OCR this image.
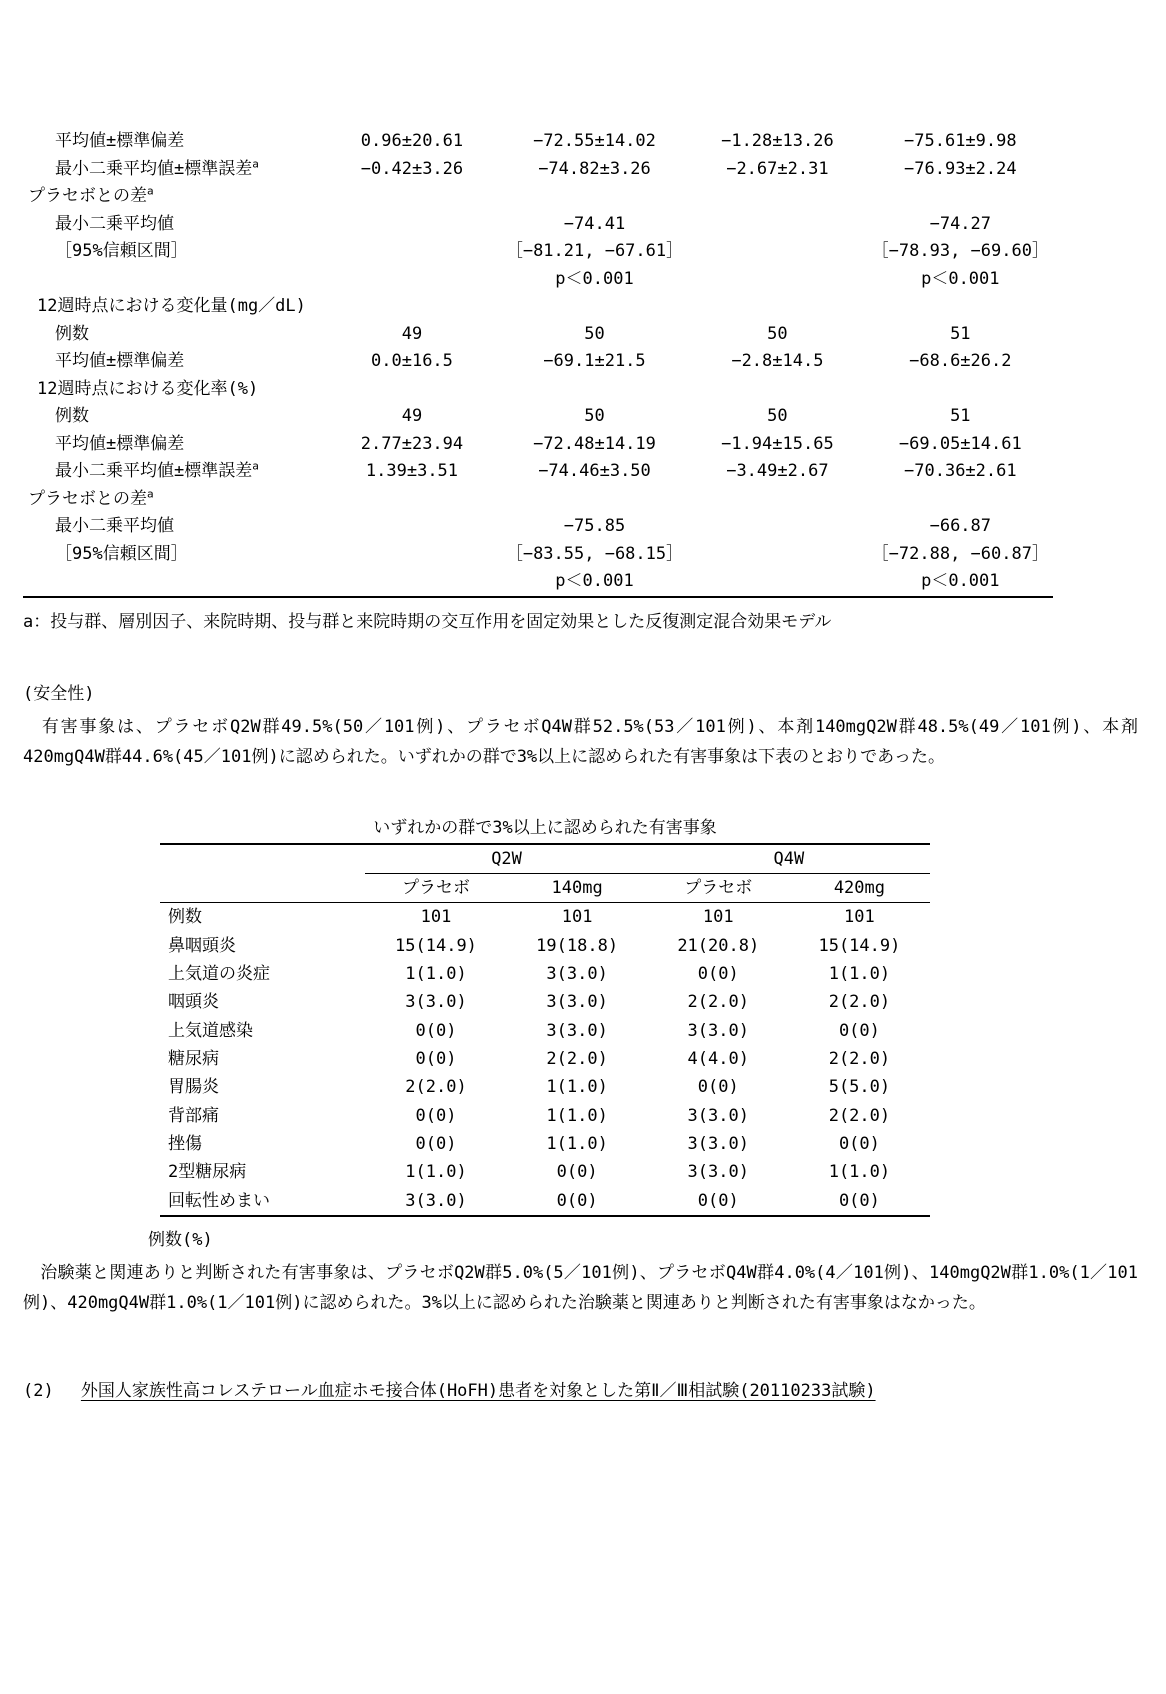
平均値±標準偏差	0.96±20.61	−72.55±14.02	−1.28±13.26	−75.61±9.98
最小二乗平均値±標準誤差$^a$	−0.42±3.26	−74.82±3.26	−2.67±2.31	−76.93±2.24
プラセボとの差$^a$				
最小二乗平均値		−74.41		−74.27
［95%信頼区間］		［−81.21, −67.61］		［−78.93, −69.60］
		p＜0.001		p＜0.001
12週時点における変化量(mg／dL)				
例数	49	50	50	51
平均値±標準偏差	0.0±16.5	−69.1±21.5	−2.8±14.5	−68.6±26.2
12週時点における変化率(%)				
例数	49	50	50	51
平均値±標準偏差	2.77±23.94	−72.48±14.19	−1.94±15.65	−69.05±14.61
最小二乗平均値±標準誤差$^a$	1.39±3.51	−74.46±3.50	−3.49±2.67	−70.36±2.61
プラセボとの差$^a$				
最小二乗平均値		−75.85		−66.87
［95%信頼区間］		［−83.55, −68.15］		［−72.88, −60.87］
		p＜0.001		p＜0.001
a：投与群、層別因子、来院時期、投与群と来院時期の交互作用を固定効果とした反復測定混合効果モデル
(安全性)

　有害事象は、プラセボQ2W群49.5%(50／101例)、プラセボQ4W群52.5%(53／101例)、本剤140mgQ2W群48.5%(49／101例)、本剤420mgQ4W群44.6%(45／101例)に認められた。いずれかの群で3%以上に認められた有害事象は下表のとおりであった。

いずれかの群で3%以上に認められた有害事象
	Q2W		Q4W	
	プラセボ	140mg	プラセボ	420mg
例数	101	101	101	101
鼻咽頭炎	15(14.9)	19(18.8)	21(20.8)	15(14.9)
上気道の炎症	1(1.0)	3(3.0)	0(0)	1(1.0)
咽頭炎	3(3.0)	3(3.0)	2(2.0)	2(2.0)
上気道感染	0(0)	3(3.0)	3(3.0)	0(0)
糖尿病	0(0)	2(2.0)	4(4.0)	2(2.0)
胃腸炎	2(2.0)	1(1.0)	0(0)	5(5.0)
背部痛	0(0)	1(1.0)	3(3.0)	2(2.0)
挫傷	0(0)	1(1.0)	3(3.0)	0(0)
2型糖尿病	1(1.0)	0(0)	3(3.0)	1(1.0)
回転性めまい	3(3.0)	0(0)	0(0)	0(0)
例数(%)

　治験薬と関連ありと判断された有害事象は、プラセボQ2W群5.0%(5／101例)、プラセボQ4W群4.0%(4／101例)、140mgQ2W群1.0%(1／101例)、420mgQ4W群1.0%(1／101例)に認められた。3%以上に認められた治験薬と関連ありと判断された有害事象はなかった。

(2) 外国人家族性高コレステロール血症ホモ接合体(HoFH)患者を対象とした第Ⅱ／Ⅲ相試験(20110233試験)
